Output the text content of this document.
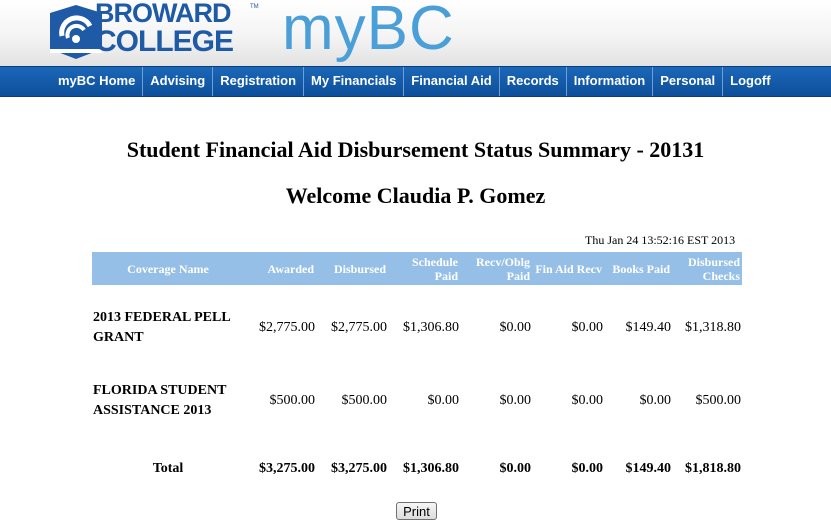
BROWARD
COLLEGE
TM myBC
myBC Home	Advising	Registration	My Financials	Financial Aid	Records	Information	Personal	Logoff
Student Financial Aid Disbursement Status Summary - 20131
Welcome Claudia P. Gomez
Thu Jan 24 13:52:16 EST 2013
Coverage Name	Awarded	Disbursed	Schedule Paid	Recv/Oblg Paid	Fin Aid Recv	Books Paid	Disbursed Checks

2013 FEDERAL PELL GRANT	$2,775.00	$2,775.00	$1,306.80	$0.00	$0.00	$149.40	$1,318.80
FLORIDA STUDENT ASSISTANCE 2013	$500.00	$500.00	$0.00	$0.00	$0.00	$0.00	$500.00
Total	$3,275.00	$3,275.00	$1,306.80	$0.00	$0.00	$149.40	$1,818.80
Print
